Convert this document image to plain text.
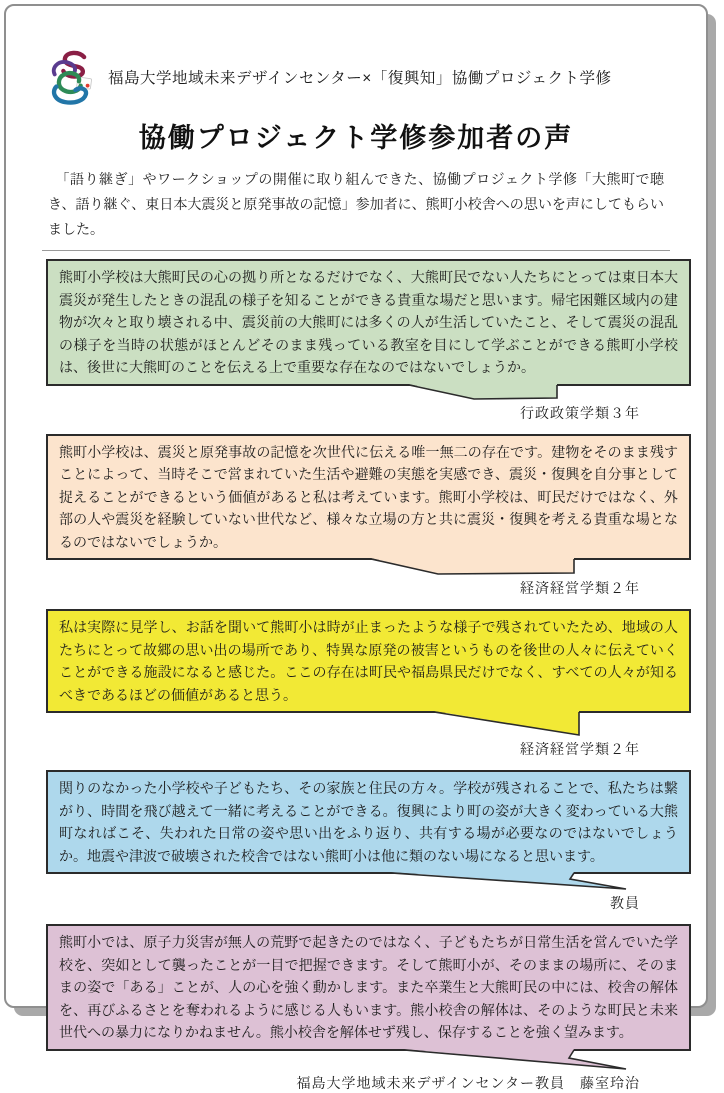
福島大学地域未来デザインセンター×「復興知」協働プロジェクト学修
協働プロジェクト学修参加者の声

　「語り継ぎ」やワークショップの開催に取り組んできた、協働プロジェクト学修「大熊町で聴き、語り継ぐ、東日本大震災と原発事故の記憶」参加者に、熊町小校舎への思いを声にしてもらいました。

熊町小学校は大熊町民の心の拠り所となるだけでなく、大熊町民でない人たちにとっては東日本大震災が発生したときの混乱の様子を知ることができる貴重な場だと思います。帰宅困難区域内の建物が次々と取り壊される中、震災前の大熊町には多くの人が生活していたこと、そして震災の混乱の様子を当時の状態がほとんどそのまま残っている教室を目にして学ぶことができる熊町小学校は、後世に大熊町のことを伝える上で重要な存在なのではないでしょうか。

行政政策学類３年

熊町小学校は、震災と原発事故の記憶を次世代に伝える唯一無二の存在です。建物をそのまま残すことによって、当時そこで営まれていた生活や避難の実態を実感でき、震災・復興を自分事として捉えることができるという価値があると私は考えています。熊町小学校は、町民だけではなく、外部の人や震災を経験していない世代など、様々な立場の方と共に震災・復興を考える貴重な場となるのではないでしょうか。

経済経営学類２年

私は実際に見学し、お話を聞いて熊町小は時が止まったような様子で残されていたため、地域の人たちにとって故郷の思い出の場所であり、特異な原発の被害というものを後世の人々に伝えていくことができる施設になると感じた。ここの存在は町民や福島県民だけでなく、すべての人々が知るべきであるほどの価値があると思う。

経済経営学類２年

関りのなかった小学校や子どもたち、その家族と住民の方々。学校が残されることで、私たちは繋がり、時間を飛び越えて一緒に考えることができる。復興により町の姿が大きく変わっている大熊町なればこそ、失われた日常の姿や思い出をふり返り、共有する場が必要なのではないでしょうか。地震や津波で破壊された校舎ではない熊町小は他に類のない場になると思います。

教員

熊町小では、原子力災害が無人の荒野で起きたのではなく、子どもたちが日常生活を営んでいた学校を、突如として襲ったことが一目で把握できます。そして熊町小が、そのままの場所に、そのままの姿で「ある」ことが、人の心を強く動かします。また卒業生と大熊町民の中には、校舎の解体を、再びふるさとを奪われるように感じる人もいます。熊小校舎の解体は、そのような町民と未来世代への暴力になりかねません。熊小校舎を解体せず残し、保存することを強く望みます。

福島大学地域未来デザインセンター教員　藤室玲治
